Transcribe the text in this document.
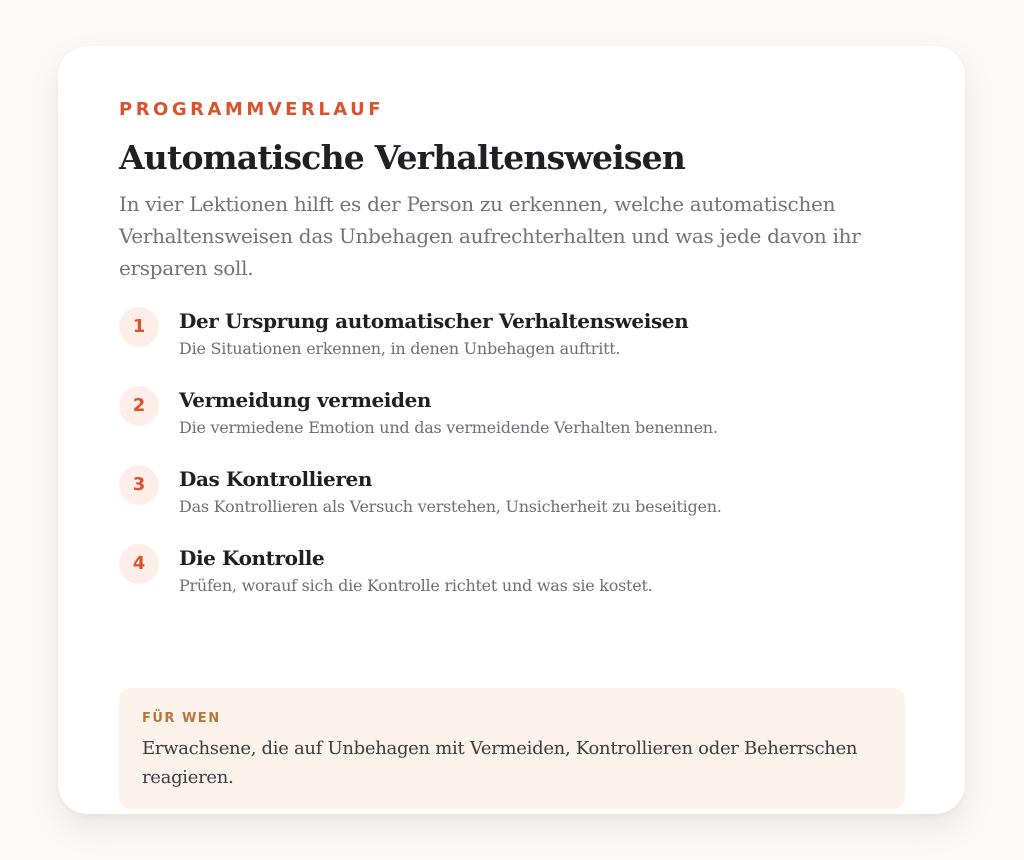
PROGRAMMVERLAUF

Automatische Verhaltensweisen

In vier Lektionen hilft es der Person zu erkennen, welche automatischen Verhaltensweisen das Unbehagen aufrechterhalten und was jede davon ihr ersparen soll.

1	Der Ursprung automatischer Verhaltensweisen

Die Situationen erkennen, in denen Unbehagen auftritt.

2	Vermeidung vermeiden

Die vermiedene Emotion und das vermeidende Verhalten benennen.

3	Das Kontrollieren

Das Kontrollieren als Versuch verstehen, Unsicherheit zu beseitigen.

4	Die Kontrolle

Prüfen, worauf sich die Kontrolle richtet und was sie kostet.

FÜR WEN

Erwachsene, die auf Unbehagen mit Vermeiden, Kontrollieren oder Beherrschen reagieren.
